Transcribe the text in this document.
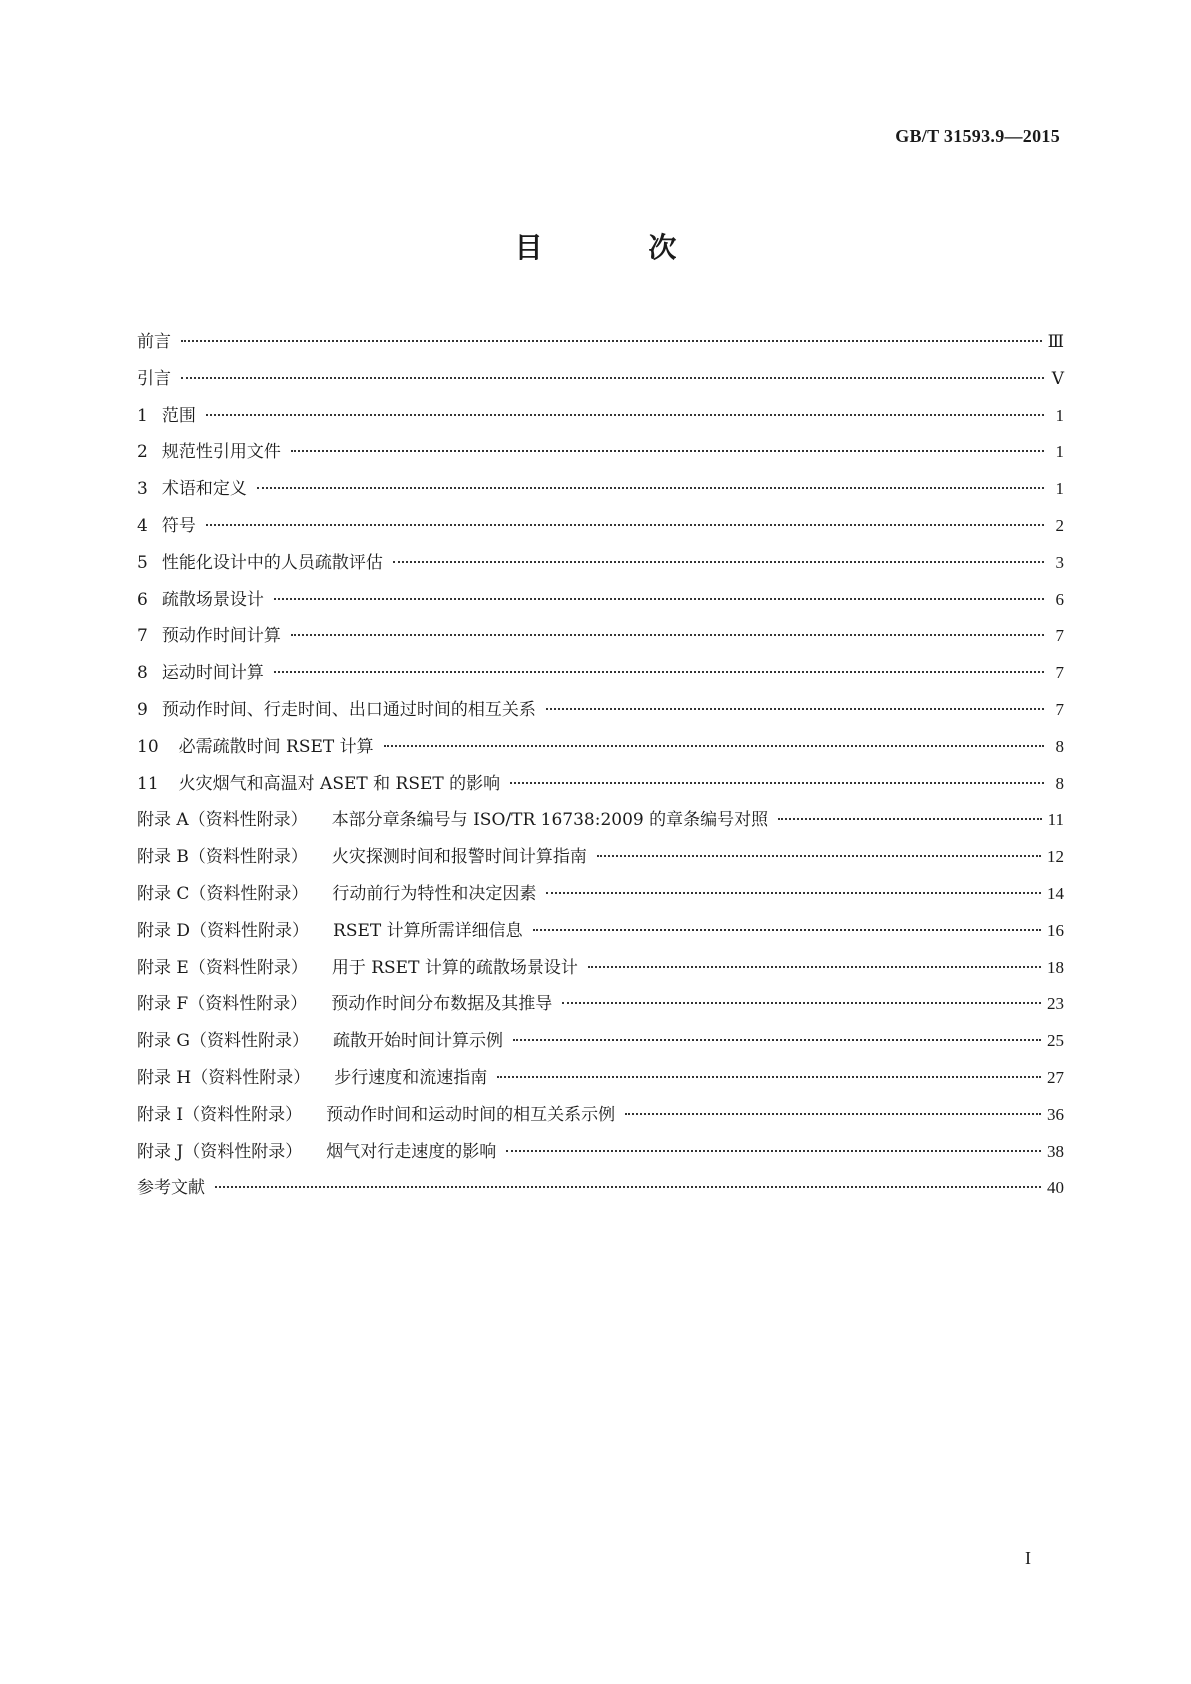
GB/T 31593.9—2015
目 次
前言	Ⅲ
引言	Ⅴ
1 范围	1
2 规范性引用文件	1
3 术语和定义	1
4 符号	2
5 性能化设计中的人员疏散评估	3
6 疏散场景设计	6
7 预动作时间计算	7
8 运动时间计算	7
9 预动作时间、行走时间、出口通过时间的相互关系	7
10 必需疏散时间 RSET 计算	8
11 火灾烟气和高温对 ASET 和 RSET 的影响	8
附录 A（资料性附录） 本部分章条编号与 ISO/TR 16738:2009 的章条编号对照	11
附录 B（资料性附录） 火灾探测时间和报警时间计算指南	12
附录 C（资料性附录） 行动前行为特性和决定因素	14
附录 D（资料性附录） RSET 计算所需详细信息	16
附录 E（资料性附录） 用于 RSET 计算的疏散场景设计	18
附录 F（资料性附录） 预动作时间分布数据及其推导	23
附录 G（资料性附录） 疏散开始时间计算示例	25
附录 H（资料性附录） 步行速度和流速指南	27
附录 I（资料性附录） 预动作时间和运动时间的相互关系示例	36
附录 J（资料性附录） 烟气对行走速度的影响	38
参考文献	40
I
